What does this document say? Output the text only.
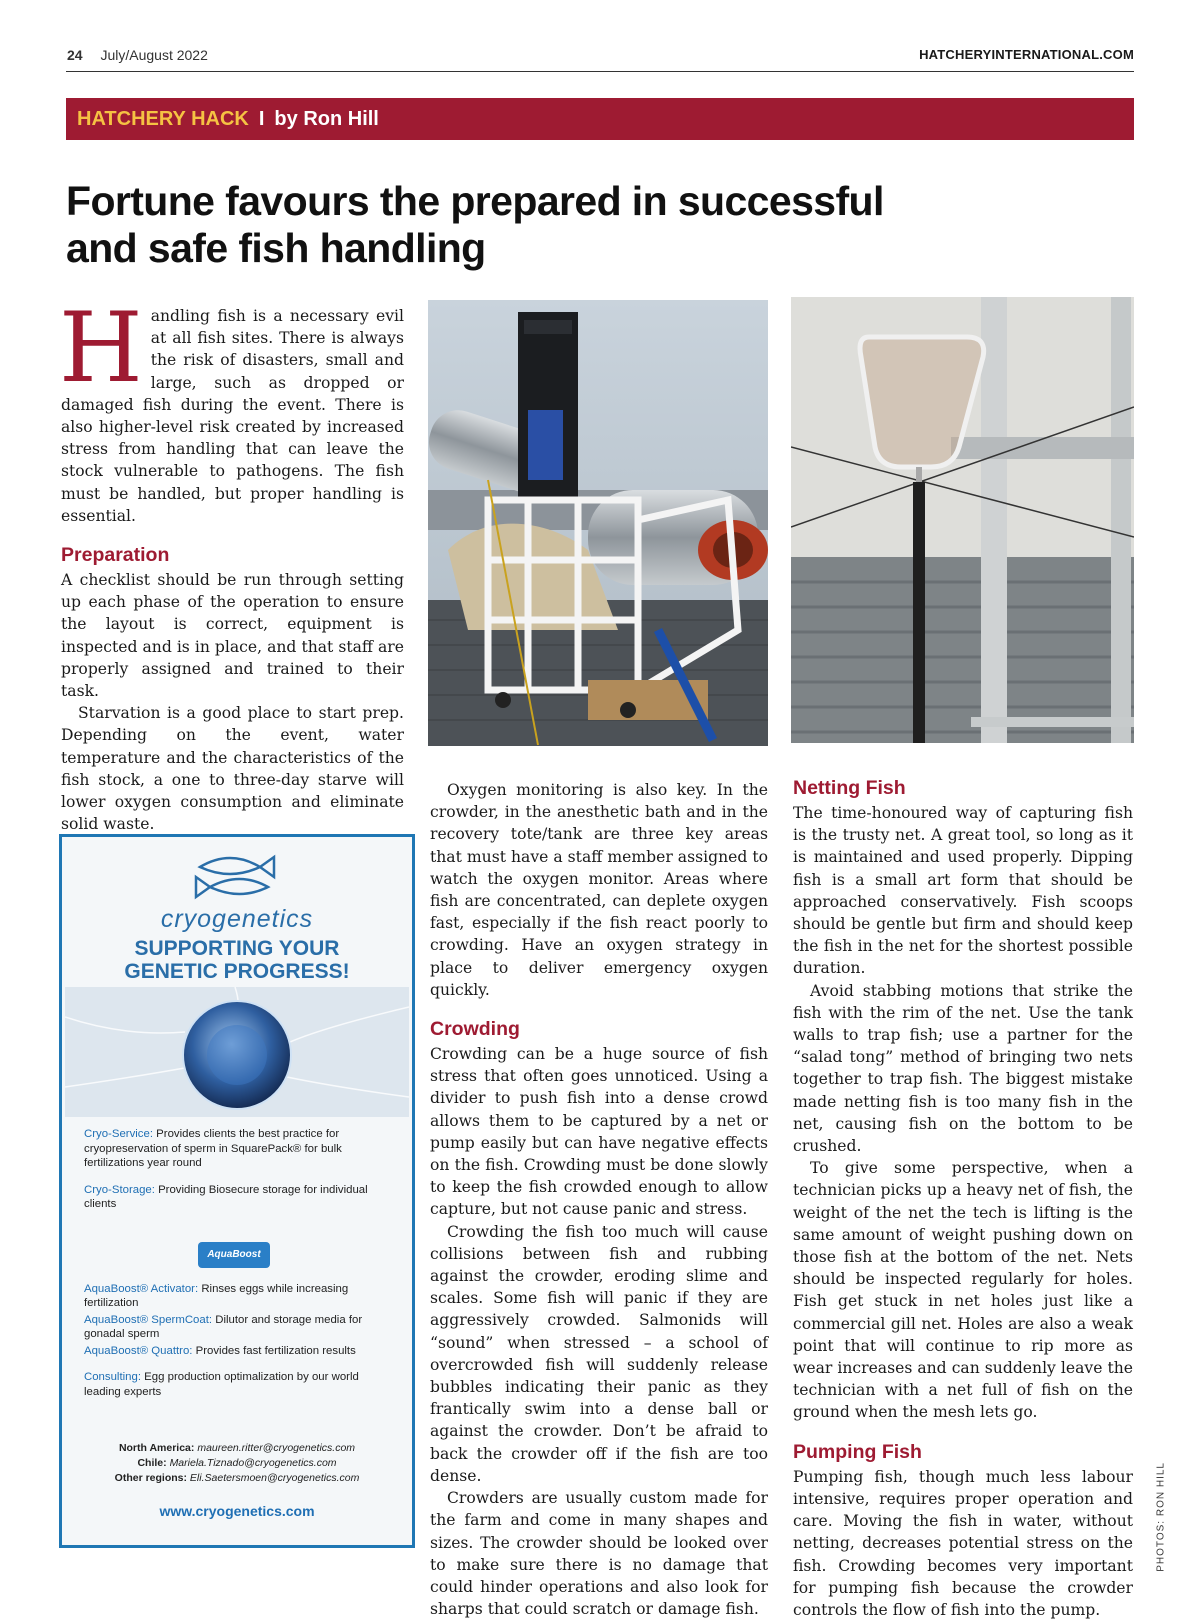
24 July/August 2022	HATCHERYINTERNATIONAL.COM
HATCHERY HACK I by Ron Hill
Fortune favours the prepared in successful
and safe fish handling
H andling fish is a necessary evil at all fish sites. There is always the risk of disasters, small and large, such as dropped or damaged fish during the event. There is also higher-level risk created by increased stress from handling that can leave the stock vulnerable to pathogens. The fish must be handled, but proper handling is essential.

Preparation

A checklist should be run through setting up each phase of the operation to ensure the layout is correct, equipment is inspected and is in place, and that staff are properly assigned and trained to their task.

Starvation is a good place to start prep. Depending on the event, water temperature and the characteristics of the fish stock, a one to three-day starve will lower oxygen consumption and eliminate solid waste.

Oxygen monitoring is also key. In the crowder, in the anesthetic bath and in the recovery tote/tank are three key areas that must have a staff member assigned to watch the oxygen monitor. Areas where fish are concentrated, can deplete oxygen fast, especially if the fish react poorly to crowding. Have an oxygen strategy in place to deliver emergency oxygen quickly.

Crowding

Crowding can be a huge source of fish stress that often goes unnoticed. Using a divider to push fish into a dense crowd allows them to be captured by a net or pump easily but can have negative effects on the fish. Crowding must be done slowly to keep the fish crowded enough to allow capture, but not cause panic and stress.

Crowding the fish too much will cause collisions between fish and rubbing against the crowder, eroding slime and scales. Some fish will panic if they are aggressively crowded. Salmonids will “sound” when stressed – a school of overcrowded fish will suddenly release bubbles indicating their panic as they frantically swim into a dense ball or against the crowder. Don’t be afraid to back the crowder off if the fish are too dense.

Crowders are usually custom made for the farm and come in many shapes and sizes. The crowder should be looked over to make sure there is no damage that could hinder operations and also look for sharps that could scratch or damage fish.

Netting Fish

The time-honoured way of capturing fish is the trusty net. A great tool, so long as it is maintained and used properly. Dipping fish is a small art form that should be approached conservatively. Fish scoops should be gentle but firm and should keep the fish in the net for the shortest possible duration.

Avoid stabbing motions that strike the fish with the rim of the net. Use the tank walls to trap fish; use a partner for the “salad tong” method of bringing two nets together to trap fish. The biggest mistake made netting fish is too many fish in the net, causing fish on the bottom to be crushed.

To give some perspective, when a technician picks up a heavy net of fish, the weight of the net the tech is lifting is the same amount of weight pushing down on those fish at the bottom of the net. Nets should be inspected regularly for holes. Fish get stuck in net holes just like a commercial gill net. Holes are also a weak point that will continue to rip more as wear increases and can suddenly leave the technician with a net full of fish on the ground when the mesh lets go.

Pumping Fish

Pumping fish, though much less labour intensive, requires proper operation and care. Moving the fish in water, without netting, decreases potential stress on the fish. Crowding becomes very important for pumping fish because the crowder controls the flow of fish into the pump.

PHOTOS: RON HILL
cryogenetics
SUPPORTING YOUR
GENETIC PROGRESS!
Cryo-Service: Provides clients the best practice for cryopreservation of sperm in SquarePack® for bulk fertilizations year round
Cryo-Storage: Providing Biosecure storage for individual clients
AquaBoost® Activator: Rinses eggs while increasing fertilization
AquaBoost® SpermCoat: Dilutor and storage media for gonadal sperm
AquaBoost® Quattro: Provides fast fertilization results
Consulting: Egg production optimalization by our world leading experts
AquaBoost
North America: maureen.ritter@cryogenetics.com
Chile: Mariela.Tiznado@cryogenetics.com
Other regions: Eli.Saetersmoen@cryogenetics.com
www.cryogenetics.com
